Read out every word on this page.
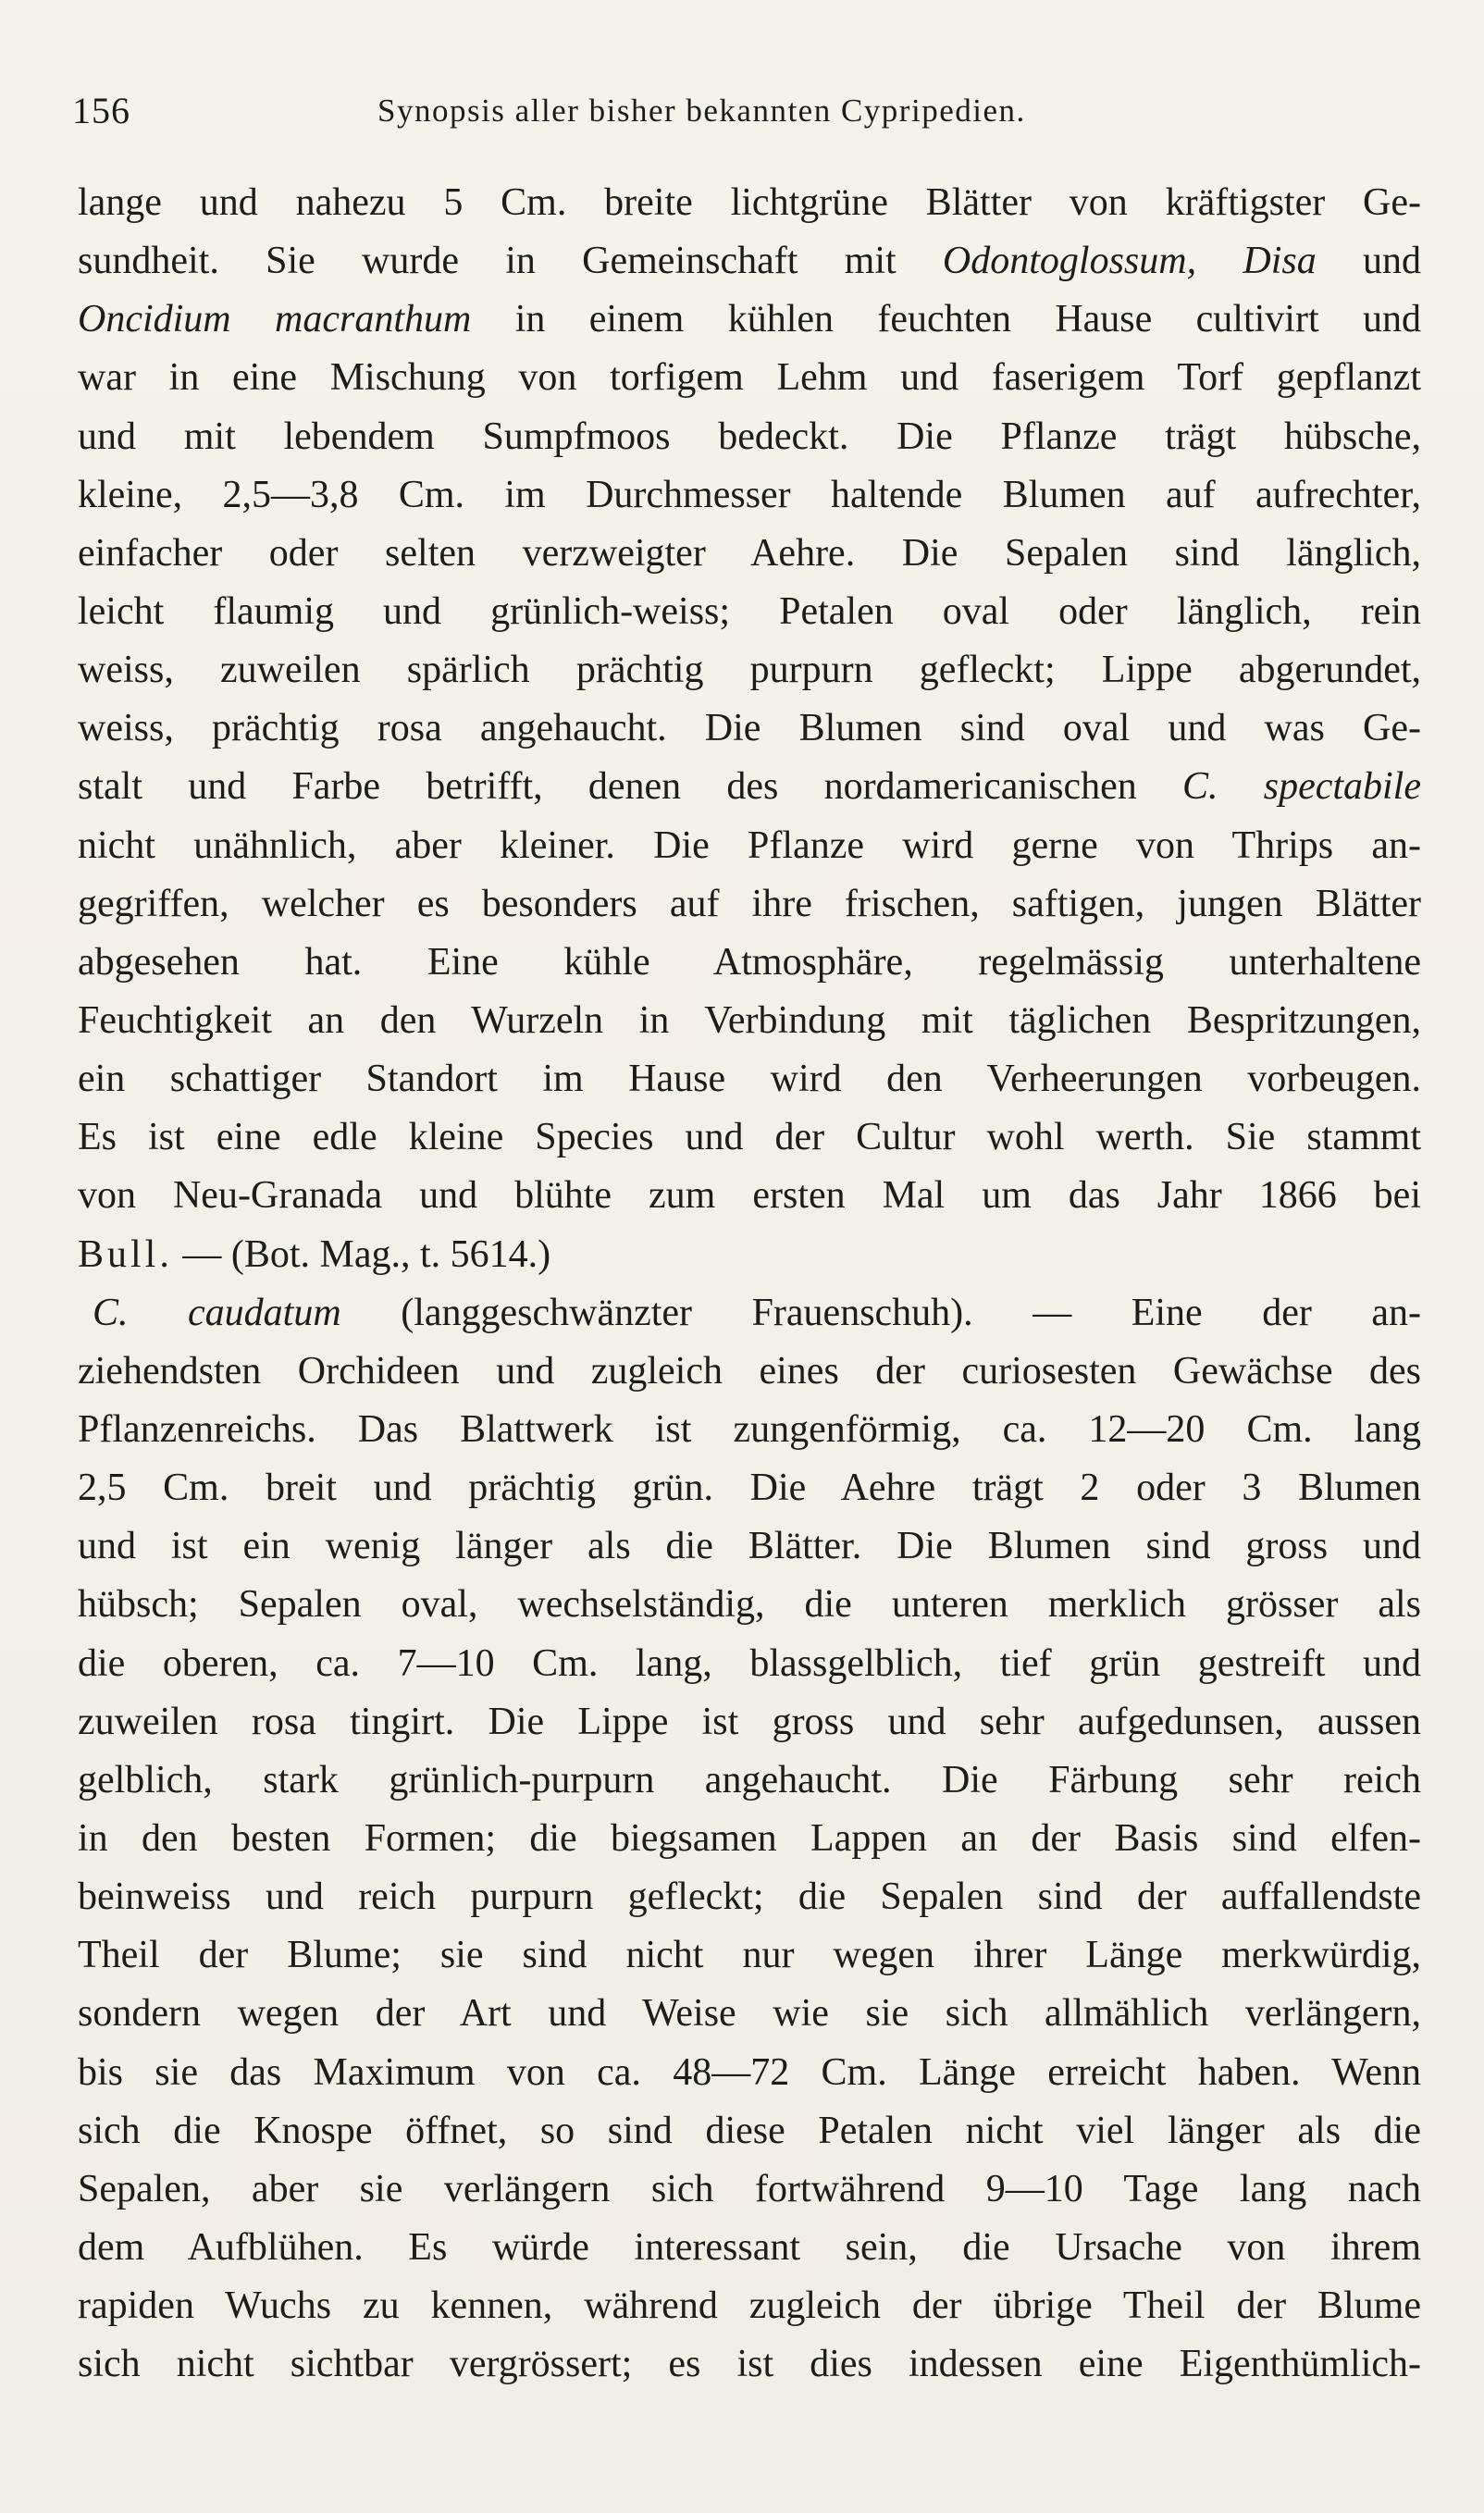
156	Synopsis aller bisher bekannten Cypripedien.
lange und nahezu 5 Cm. breite lichtgrüne Blätter von kräftigster Ge-
sundheit. Sie wurde in Gemeinschaft mit Odontoglossum, Disa und
Oncidium macranthum in einem kühlen feuchten Hause cultivirt und
war in eine Mischung von torfigem Lehm und faserigem Torf gepflanzt
und mit lebendem Sumpfmoos bedeckt. Die Pflanze trägt hübsche,
kleine, 2,5—3,8 Cm. im Durchmesser haltende Blumen auf aufrechter,
einfacher oder selten verzweigter Aehre. Die Sepalen sind länglich,
leicht flaumig und grünlich-weiss; Petalen oval oder länglich, rein
weiss, zuweilen spärlich prächtig purpurn gefleckt; Lippe abgerundet,
weiss, prächtig rosa angehaucht. Die Blumen sind oval und was Ge-
stalt und Farbe betrifft, denen des nordamericanischen C. spectabile
nicht unähnlich, aber kleiner. Die Pflanze wird gerne von Thrips an-
gegriffen, welcher es besonders auf ihre frischen, saftigen, jungen Blätter
abgesehen hat. Eine kühle Atmosphäre, regelmässig unterhaltene
Feuchtigkeit an den Wurzeln in Verbindung mit täglichen Bespritzungen,
ein schattiger Standort im Hause wird den Verheerungen vorbeugen.
Es ist eine edle kleine Species und der Cultur wohl werth. Sie stammt
von Neu-Granada und blühte zum ersten Mal um das Jahr 1866 bei
Bull. — (Bot. Mag., t. 5614.)
C. caudatum (langgeschwänzter Frauenschuh). — Eine der an-
ziehendsten Orchideen und zugleich eines der curiosesten Gewächse des
Pflanzenreichs. Das Blattwerk ist zungenförmig, ca. 12—20 Cm. lang
2,5 Cm. breit und prächtig grün. Die Aehre trägt 2 oder 3 Blumen
und ist ein wenig länger als die Blätter. Die Blumen sind gross und
hübsch; Sepalen oval, wechselständig, die unteren merklich grösser als
die oberen, ca. 7—10 Cm. lang, blassgelblich, tief grün gestreift und
zuweilen rosa tingirt. Die Lippe ist gross und sehr aufgedunsen, aussen
gelblich, stark grünlich-purpurn angehaucht. Die Färbung sehr reich
in den besten Formen; die biegsamen Lappen an der Basis sind elfen-
beinweiss und reich purpurn gefleckt; die Sepalen sind der auffallendste
Theil der Blume; sie sind nicht nur wegen ihrer Länge merkwürdig,
sondern wegen der Art und Weise wie sie sich allmählich verlängern,
bis sie das Maximum von ca. 48—72 Cm. Länge erreicht haben. Wenn
sich die Knospe öffnet, so sind diese Petalen nicht viel länger als die
Sepalen, aber sie verlängern sich fortwährend 9—10 Tage lang nach
dem Aufblühen. Es würde interessant sein, die Ursache von ihrem
rapiden Wuchs zu kennen, während zugleich der übrige Theil der Blume
sich nicht sichtbar vergrössert; es ist dies indessen eine Eigenthümlich-
